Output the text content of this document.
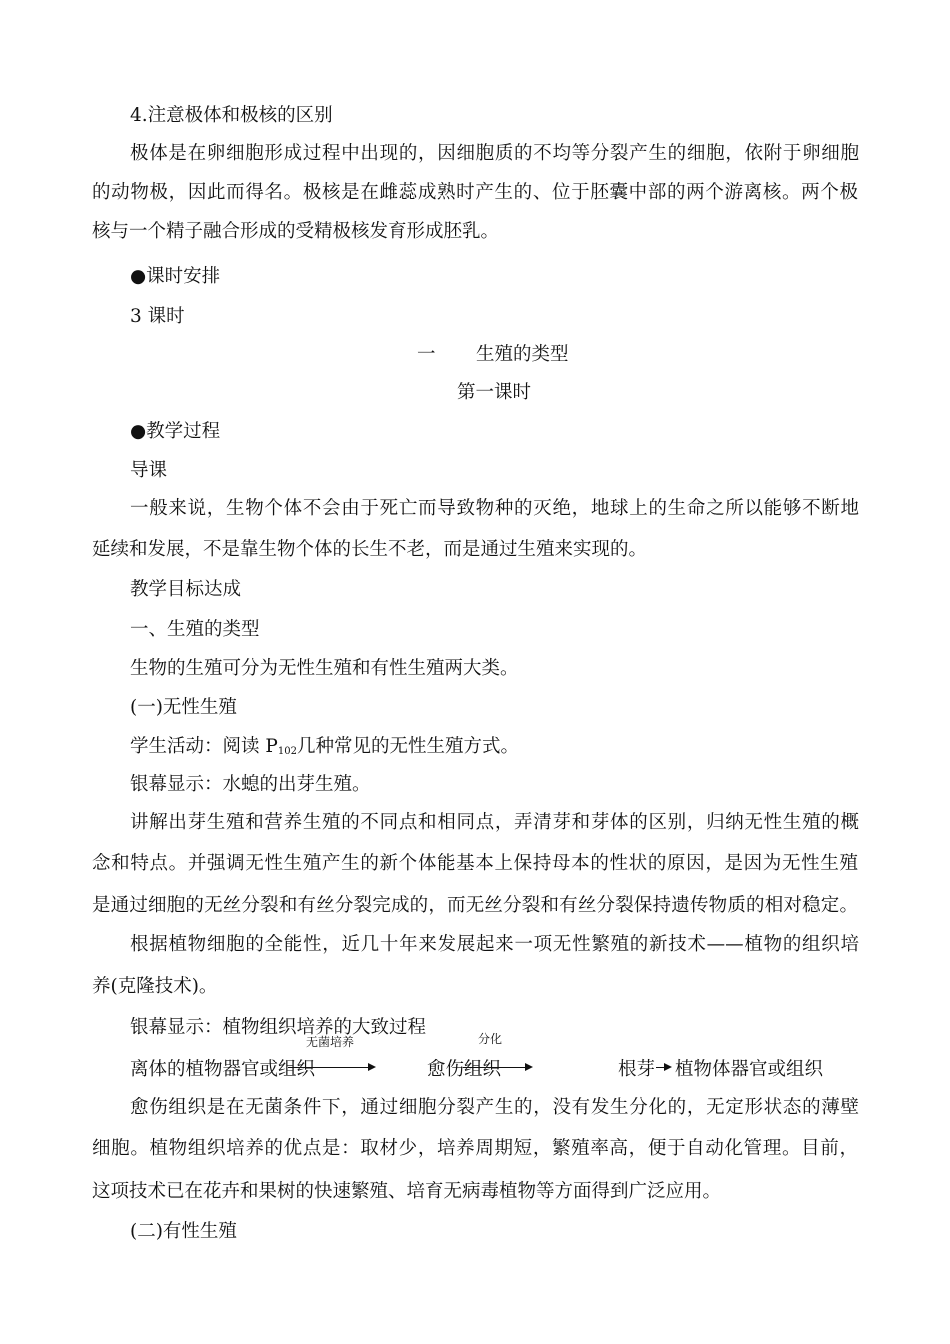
4.注意极体和极核的区别
极体是在卵细胞形成过程中出现的，因细胞质的不均等分裂产生的细胞，依附于卵细胞
的动物极，因此而得名。极核是在雌蕊成熟时产生的、位于胚囊中部的两个游离核。两个极
核与一个精子融合形成的受精极核发育形成胚乳。
●课时安排
3 课时
一 生殖的类型
第一课时
●教学过程
导课
一般来说，生物个体不会由于死亡而导致物种的灭绝，地球上的生命之所以能够不断地
延续和发展，不是靠生物个体的长生不老，而是通过生殖来实现的。
教学目标达成
一、生殖的类型
生物的生殖可分为无性生殖和有性生殖两大类。
(一)无性生殖
学生活动：阅读 $P_{102}$几种常见的无性生殖方式。
银幕显示：水螅的出芽生殖。
讲解出芽生殖和营养生殖的不同点和相同点，弄清芽和芽体的区别，归纳无性生殖的概
念和特点。并强调无性生殖产生的新个体能基本上保持母本的性状的原因，是因为无性生殖
是通过细胞的无丝分裂和有丝分裂完成的，而无丝分裂和有丝分裂保持遗传物质的相对稳定。
根据植物细胞的全能性，近几十年来发展起来一项无性繁殖的新技术——植物的组织培
养(克隆技术)。
银幕显示：植物组织培养的大致过程
离体的植物器官或组织
无菌培养
愈伤组织
分化
根芽 植物体器官或组织
愈伤组织是在无菌条件下，通过细胞分裂产生的，没有发生分化的，无定形状态的薄壁
细胞。植物组织培养的优点是：取材少，培养周期短，繁殖率高，便于自动化管理。目前，
这项技术已在花卉和果树的快速繁殖、培育无病毒植物等方面得到广泛应用。
(二)有性生殖
